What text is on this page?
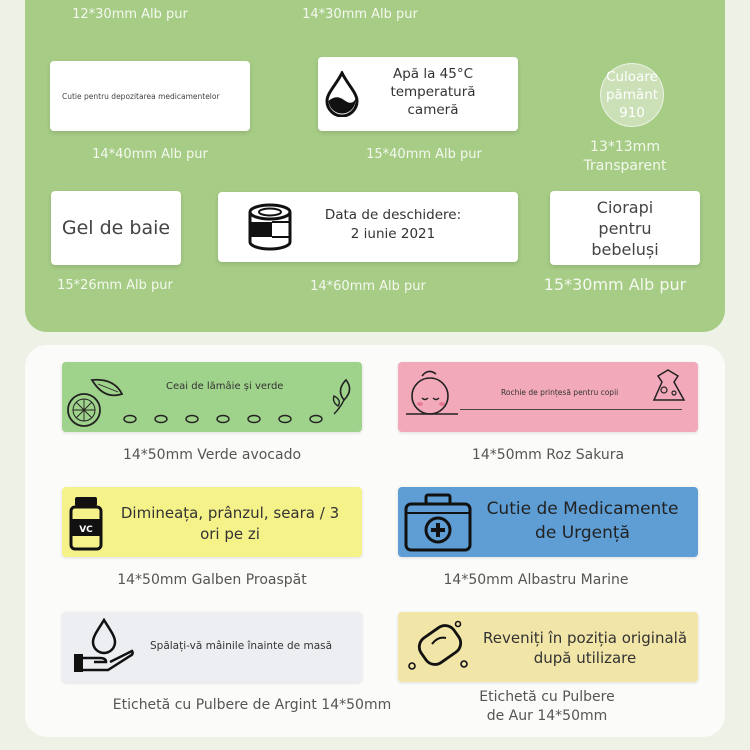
12*30mm Alb pur	14*30mm Alb pur
Cutie pentru depozitarea medicamentelor
14*40mm Alb pur
Apă la 45°C temperatură cameră
15*40mm Alb pur
Culoare pământ 910
13*13mm Transparent
Gel de baie
15*26mm Alb pur
Data de deschidere:
2 iunie 2021
14*60mm Alb pur
Ciorapi pentru bebeluși
15*30mm Alb pur
Ceai de lămâie și verde
14*50mm Verde avocado
Rochie de prințesă pentru copii
14*50mm Roz Sakura
VC
Dimineața, prânzul, seara / 3 ori pe zi
14*50mm Galben Proaspăt
Cutie de Medicamente de Urgență
14*50mm Albastru Marine
Spălați-vă mâinile înainte de masă
Etichetă cu Pulbere de Argint 14*50mm
Reveniți în poziția originală după utilizare
Etichetă cu Pulbere de Aur 14*50mm
